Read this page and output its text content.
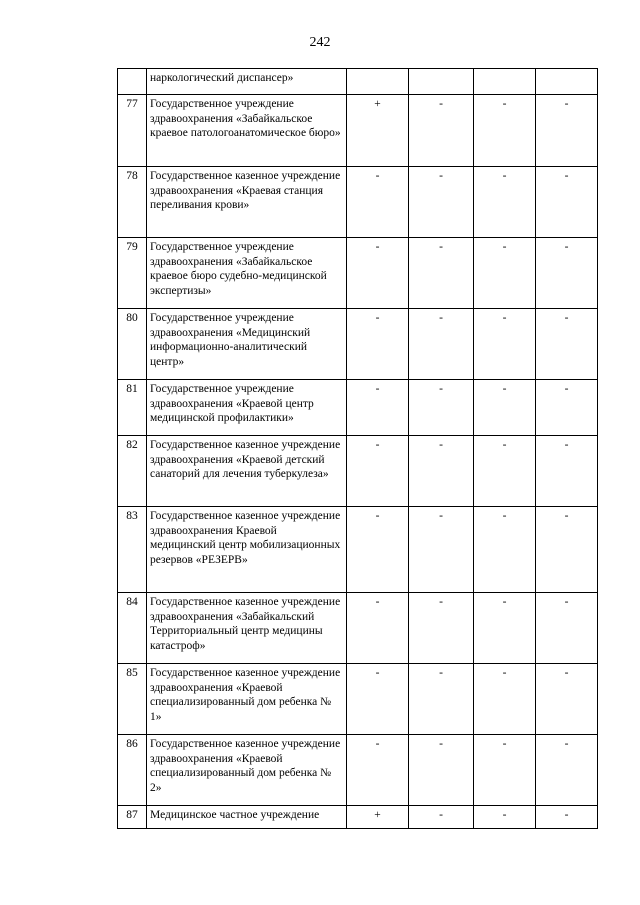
242
	наркологический диспансер»				
77	Государственное учреждение здравоохранения «Забайкальское краевое патологоанатомическое бюро»	+	-	-	-
78	Государственное казенное учреждение здравоохранения «Краевая станция переливания крови»	-	-	-	-
79	Государственное учреждение здравоохранения «Забайкальское краевое бюро судебно-медицинской экспертизы»	-	-	-	-
80	Государственное учреждение здравоохранения «Медицинский информационно-аналитический центр»	-	-	-	-
81	Государственное учреждение здравоохранения «Краевой центр медицинской профилактики»	-	-	-	-
82	Государственное казенное учреждение здравоохранения «Краевой детский санаторий для лечения туберкулеза»	-	-	-	-
83	Государственное казенное учреждение здравоохранения Краевой медицинский центр мобилизационных резервов «РЕЗЕРВ»	-	-	-	-
84	Государственное казенное учреждение здравоохранения «Забайкальский Территориальный центр медицины катастроф»	-	-	-	-
85	Государственное казенное учреждение здравоохранения «Краевой специализированный дом ребенка № 1»	-	-	-	-
86	Государственное казенное учреждение здравоохранения «Краевой специализированный дом ребенка № 2»	-	-	-	-
87	Медицинское частное учреждение	+	-	-	-
